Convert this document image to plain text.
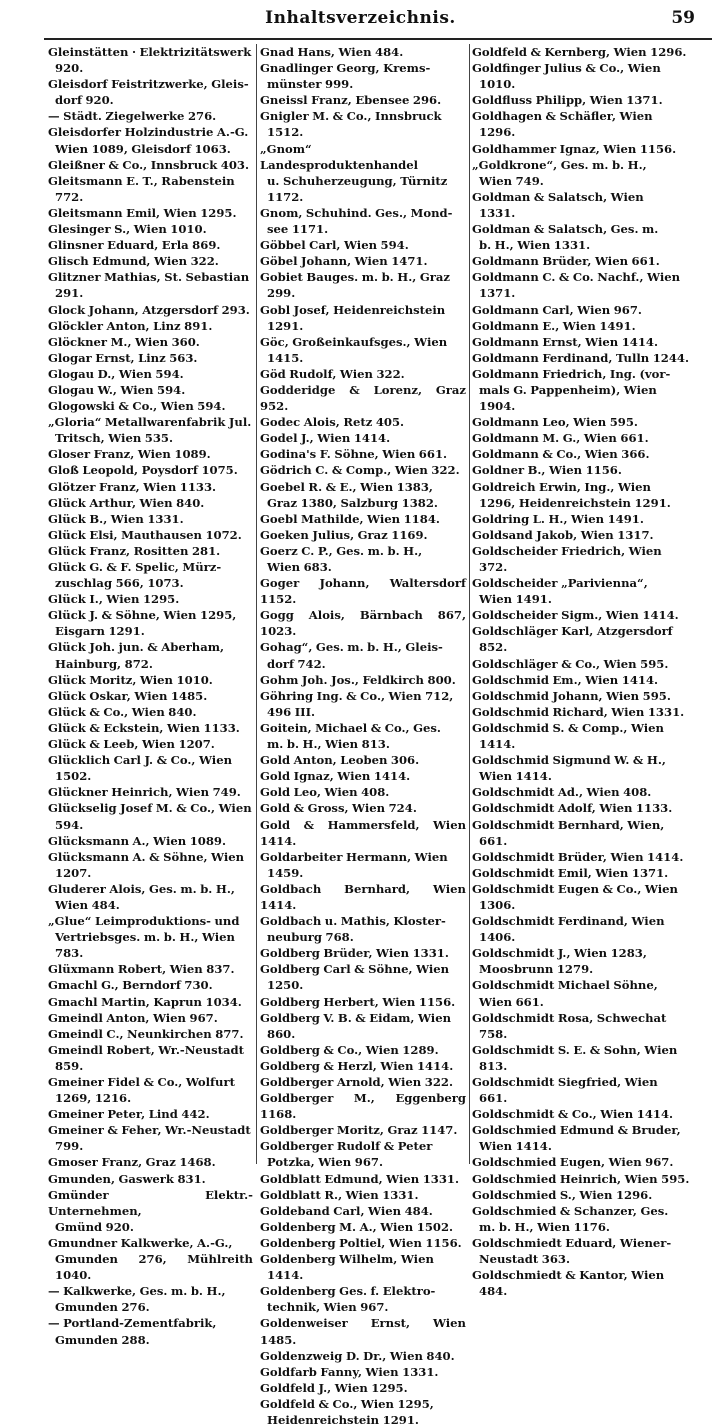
Inhaltsverzeichnis.	59

Gleinstätten · Elektrizitätswerk
920.

Gleisdorf Feistritzwerke, Gleis-
dorf 920.

— Städt. Ziegelwerke 276.

Gleisdorfer Holzindustrie A.-G.
Wien 1089, Gleisdorf 1063.

Gleißner & Co., Innsbruck 403.

Gleitsmann E. T., Rabenstein
772.

Gleitsmann Emil, Wien 1295.

Glesinger S., Wien 1010.

Glinsner Eduard, Erla 869.

Glisch Edmund, Wien 322.

Glitzner Mathias, St. Sebastian
291.

Glock Johann, Atzgersdorf 293.

Glöckler Anton, Linz 891.

Glöckner M., Wien 360.

Glogar Ernst, Linz 563.

Glogau D., Wien 594.

Glogau W., Wien 594.

Glogowski & Co., Wien 594.

„Gloria“ Metallwarenfabrik Jul.
Tritsch, Wien 535.

Gloser Franz, Wien 1089.

Gloß Leopold, Poysdorf 1075.

Glötzer Franz, Wien 1133.

Glück Arthur, Wien 840.

Glück B., Wien 1331.

Glück Elsi, Mauthausen 1072.

Glück Franz, Rositten 281.

Glück G. & F. Spelic, Mürz-
zuschlag 566, 1073.

Glück I., Wien 1295.

Glück J. & Söhne, Wien 1295,
Eisgarn 1291.

Glück Joh. jun. & Aberham,
Hainburg, 872.

Glück Moritz, Wien 1010.

Glück Oskar, Wien 1485.

Glück & Co., Wien 840.

Glück & Eckstein, Wien 1133.

Glück & Leeb, Wien 1207.

Glücklich Carl J. & Co., Wien
1502.

Glückner Heinrich, Wien 749.

Glückselig Josef M. & Co., Wien
594.

Glücksmann A., Wien 1089.

Glücksmann A. & Söhne, Wien
1207.

Gluderer Alois, Ges. m. b. H.,
Wien 484.

„Glue“ Leimproduktions- und
Vertriebsges. m. b. H., Wien
783.

Glüxmann Robert, Wien 837.

Gmachl G., Berndorf 730.

Gmachl Martin, Kaprun 1034.

Gmeindl Anton, Wien 967.

Gmeindl C., Neunkirchen 877.

Gmeindl Robert, Wr.-Neustadt
859.

Gmeiner Fidel & Co., Wolfurt
1269, 1216.

Gmeiner Peter, Lind 442.

Gmeiner & Feher, Wr.-Neustadt
799.

Gmoser Franz, Graz 1468.

Gmunden, Gaswerk 831.

Gmünder Elektr.-Unternehmen,
Gmünd 920.

Gmundner Kalkwerke, A.-G.,
Gmunden 276, Mühlreith 1040.

— Kalkwerke, Ges. m. b. H.,
Gmunden 276.

— Portland-Zementfabrik,
Gmunden 288.

Gnad Hans, Wien 484.

Gnadlinger Georg, Krems-
münster 999.

Gneissl Franz, Ebensee 296.

Gnigler M. & Co., Innsbruck
1512.

„Gnom“ Landesproduktenhandel
u. Schuherzeugung, Türnitz
1172.

Gnom, Schuhind. Ges., Mond-
see 1171.

Göbbel Carl, Wien 594.

Göbel Johann, Wien 1471.

Gobiet Bauges. m. b. H., Graz
299.

Gobl Josef, Heidenreichstein
1291.

Göc, Großeinkaufsges., Wien
1415.

Göd Rudolf, Wien 322.

Godderidge & Lorenz, Graz 952.

Godec Alois, Retz 405.

Godel J., Wien 1414.

Godina's F. Söhne, Wien 661.

Gödrich C. & Comp., Wien 322.

Goebel R. & E., Wien 1383,
Graz 1380, Salzburg 1382.

Goebl Mathilde, Wien 1184.

Goeken Julius, Graz 1169.

Goerz C. P., Ges. m. b. H.,
Wien 683.

Goger Johann, Waltersdorf 1152.

Gogg Alois, Bärnbach 867, 1023.

Gohag“, Ges. m. b. H., Gleis-
dorf 742.

Gohm Joh. Jos., Feldkirch 800.

Göhring Ing. & Co., Wien 712,
496 III.

Goitein, Michael & Co., Ges.
m. b. H., Wien 813.

Gold Anton, Leoben 306.

Gold Ignaz, Wien 1414.

Gold Leo, Wien 408.

Gold & Gross, Wien 724.

Gold & Hammersfeld, Wien 1414.

Goldarbeiter Hermann, Wien
1459.

Goldbach Bernhard, Wien 1414.

Goldbach u. Mathis, Kloster-
neuburg 768.

Goldberg Brüder, Wien 1331.

Goldberg Carl & Söhne, Wien
1250.

Goldberg Herbert, Wien 1156.

Goldberg V. B. & Eidam, Wien
860.

Goldberg & Co., Wien 1289.

Goldberg & Herzl, Wien 1414.

Goldberger Arnold, Wien 322.

Goldberger M., Eggenberg 1168.

Goldberger Moritz, Graz 1147.

Goldberger Rudolf & Peter
Potzka, Wien 967.

Goldblatt Edmund, Wien 1331.

Goldblatt R., Wien 1331.

Goldeband Carl, Wien 484.

Goldenberg M. A., Wien 1502.

Goldenberg Poltiel, Wien 1156.

Goldenberg Wilhelm, Wien
1414.

Goldenberg Ges. f. Elektro-
technik, Wien 967.

Goldenweiser Ernst, Wien 1485.

Goldenzweig D. Dr., Wien 840.

Goldfarb Fanny, Wien 1331.

Goldfeld J., Wien 1295.

Goldfeld & Co., Wien 1295,
Heidenreichstein 1291.

Goldfeld & Kernberg, Wien 1296.

Goldfinger Julius & Co., Wien
1010.

Goldfluss Philipp, Wien 1371.

Goldhagen & Schäfler, Wien
1296.

Goldhammer Ignaz, Wien 1156.

„Goldkrone“, Ges. m. b. H.,
Wien 749.

Goldman & Salatsch, Wien
1331.

Goldman & Salatsch, Ges. m.
b. H., Wien 1331.

Goldmann Brüder, Wien 661.

Goldmann C. & Co. Nachf., Wien
1371.

Goldmann Carl, Wien 967.

Goldmann E., Wien 1491.

Goldmann Ernst, Wien 1414.

Goldmann Ferdinand, Tulln 1244.

Goldmann Friedrich, Ing. (vor-
mals G. Pappenheim), Wien
1904.

Goldmann Leo, Wien 595.

Goldmann M. G., Wien 661.

Goldmann & Co., Wien 366.

Goldner B., Wien 1156.

Goldreich Erwin, Ing., Wien
1296, Heidenreichstein 1291.

Goldring L. H., Wien 1491.

Goldsand Jakob, Wien 1317.

Goldscheider Friedrich, Wien
372.

Goldscheider „Parivienna“,
Wien 1491.

Goldscheider Sigm., Wien 1414.

Goldschläger Karl, Atzgersdorf
852.

Goldschläger & Co., Wien 595.

Goldschmid Em., Wien 1414.

Goldschmid Johann, Wien 595.

Goldschmid Richard, Wien 1331.

Goldschmid S. & Comp., Wien
1414.

Goldschmid Sigmund W. & H.,
Wien 1414.

Goldschmidt Ad., Wien 408.

Goldschmidt Adolf, Wien 1133.

Goldschmidt Bernhard, Wien,
661.

Goldschmidt Brüder, Wien 1414.

Goldschmidt Emil, Wien 1371.

Goldschmidt Eugen & Co., Wien
1306.

Goldschmidt Ferdinand, Wien
1406.

Goldschmidt J., Wien 1283,
Moosbrunn 1279.

Goldschmidt Michael Söhne,
Wien 661.

Goldschmidt Rosa, Schwechat
758.

Goldschmidt S. E. & Sohn, Wien
813.

Goldschmidt Siegfried, Wien
661.

Goldschmidt & Co., Wien 1414.

Goldschmied Edmund & Bruder,
Wien 1414.

Goldschmied Eugen, Wien 967.

Goldschmied Heinrich, Wien 595.

Goldschmied S., Wien 1296.

Goldschmied & Schanzer, Ges.
m. b. H., Wien 1176.

Goldschmiedt Eduard, Wiener-
Neustadt 363.

Goldschmiedt & Kantor, Wien
484.
